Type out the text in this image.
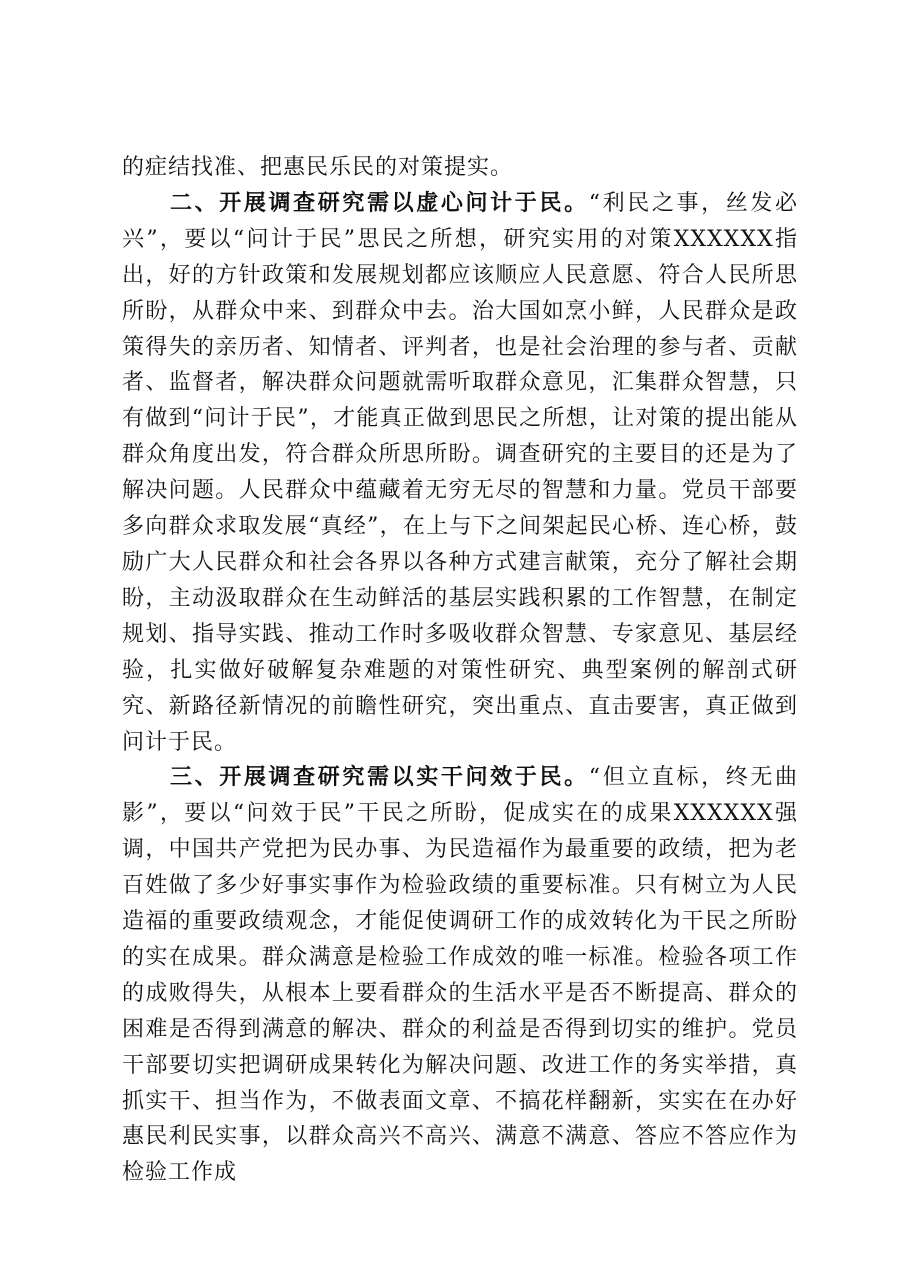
的症结找准、把惠民乐民的对策提实。

二、开展调查研究需以虚心问计于民。“利民之事，丝发必兴”，要以“问计于民”思民之所想，研究实用的对策XXXXXX指出，好的方针政策和发展规划都应该顺应人民意愿、符合人民所思所盼，从群众中来、到群众中去。治大国如烹小鲜，人民群众是政策得失的亲历者、知情者、评判者，也是社会治理的参与者、贡献者、监督者，解决群众问题就需听取群众意见，汇集群众智慧，只有做到“问计于民”，才能真正做到思民之所想，让对策的提出能从群众角度出发，符合群众所思所盼。调查研究的主要目的还是为了解决问题。人民群众中蕴藏着无穷无尽的智慧和力量。党员干部要多向群众求取发展“真经”，在上与下之间架起民心桥、连心桥，鼓励广大人民群众和社会各界以各种方式建言献策，充分了解社会期盼，主动汲取群众在生动鲜活的基层实践积累的工作智慧，在制定规划、指导实践、推动工作时多吸收群众智慧、专家意见、基层经验，扎实做好破解复杂难题的对策性研究、典型案例的解剖式研究、新路径新情况的前瞻性研究，突出重点、直击要害，真正做到问计于民。

三、开展调查研究需以实干问效于民。“但立直标，终无曲影”，要以“问效于民”干民之所盼，促成实在的成果XXXXXX强调，中国共产党把为民办事、为民造福作为最重要的政绩，把为老百姓做了多少好事实事作为检验政绩的重要标准。只有树立为人民造福的重要政绩观念，才能促使调研工作的成效转化为干民之所盼的实在成果。群众满意是检验工作成效的唯一标准。检验各项工作的成败得失，从根本上要看群众的生活水平是否不断提高、群众的困难是否得到满意的解决、群众的利益是否得到切实的维护。党员干部要切实把调研成果转化为解决问题、改进工作的务实举措，真抓实干、担当作为，不做表面文章、不搞花样翻新，实实在在办好惠民利民实事，以群众高兴不高兴、满意不满意、答应不答应作为检验工作成
